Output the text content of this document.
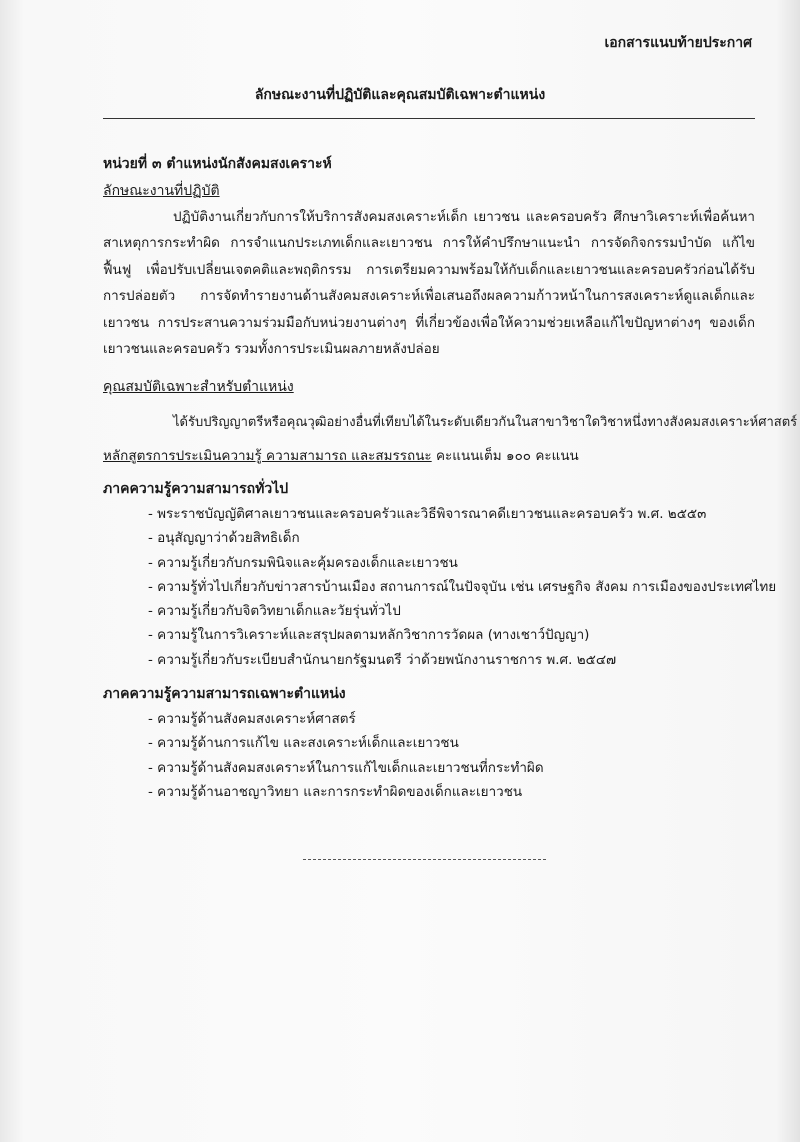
เอกสารแนบท้ายประกาศ
ลักษณะงานที่ปฏิบัติและคุณสมบัติเฉพาะตำแหน่ง
หน่วยที่ ๓ ตำแหน่งนักสังคมสงเคราะห์
ลักษณะงานที่ปฏิบัติ

ปฏิบัติงานเกี่ยวกับการให้บริการสังคมสงเคราะห์เด็ก เยาวชน และครอบครัว ศึกษาวิเคราะห์เพื่อค้นหาสาเหตุการกระทำผิด การจำแนกประเภทเด็กและเยาวชน การให้คำปรึกษาแนะนำ การจัดกิจกรรมบำบัด แก้ไข ฟื้นฟู เพื่อปรับเปลี่ยนเจตคติและพฤติกรรม การเตรียมความพร้อมให้กับเด็กและเยาวชนและครอบครัวก่อนได้รับการปล่อยตัว การจัดทำรายงานด้านสังคมสงเคราะห์เพื่อเสนอถึงผลความก้าวหน้าในการสงเคราะห์ดูแลเด็กและเยาวชน การประสานความร่วมมือกับหน่วยงานต่างๆ ที่เกี่ยวข้องเพื่อให้ความช่วยเหลือแก้ไขปัญหาต่างๆ ของเด็กเยาวชนและครอบครัว รวมทั้งการประเมินผลภายหลังปล่อย

คุณสมบัติเฉพาะสำหรับตำแหน่ง
ได้รับปริญญาตรีหรือคุณวุฒิอย่างอื่นที่เทียบได้ในระดับเดียวกันในสาขาวิชาใดวิชาหนึ่งทางสังคมสงเคราะห์ศาสตร์
หลักสูตรการประเมินความรู้ ความสามารถ และสมรรถนะ คะแนนเต็ม ๑๐๐ คะแนน
ภาคความรู้ความสามารถทั่วไป
- พระราชบัญญัติศาลเยาวชนและครอบครัวและวิธีพิจารณาคดีเยาวชนและครอบครัว พ.ศ. ๒๕๕๓
- อนุสัญญาว่าด้วยสิทธิเด็ก
- ความรู้เกี่ยวกับกรมพินิจและคุ้มครองเด็กและเยาวชน
- ความรู้ทั่วไปเกี่ยวกับข่าวสารบ้านเมือง สถานการณ์ในปัจจุบัน เช่น เศรษฐกิจ สังคม การเมืองของประเทศไทย
- ความรู้เกี่ยวกับจิตวิทยาเด็กและวัยรุ่นทั่วไป
- ความรู้ในการวิเคราะห์และสรุปผลตามหลักวิชาการวัดผล (ทางเชาว์ปัญญา)
- ความรู้เกี่ยวกับระเบียบสำนักนายกรัฐมนตรี ว่าด้วยพนักงานราชการ พ.ศ. ๒๕๔๗
ภาคความรู้ความสามารถเฉพาะตำแหน่ง
- ความรู้ด้านสังคมสงเคราะห์ศาสตร์
- ความรู้ด้านการแก้ไข และสงเคราะห์เด็กและเยาวชน
- ความรู้ด้านสังคมสงเคราะห์ในการแก้ไขเด็กและเยาวชนที่กระทำผิด
- ความรู้ด้านอาชญาวิทยา และการกระทำผิดของเด็กและเยาวชน
